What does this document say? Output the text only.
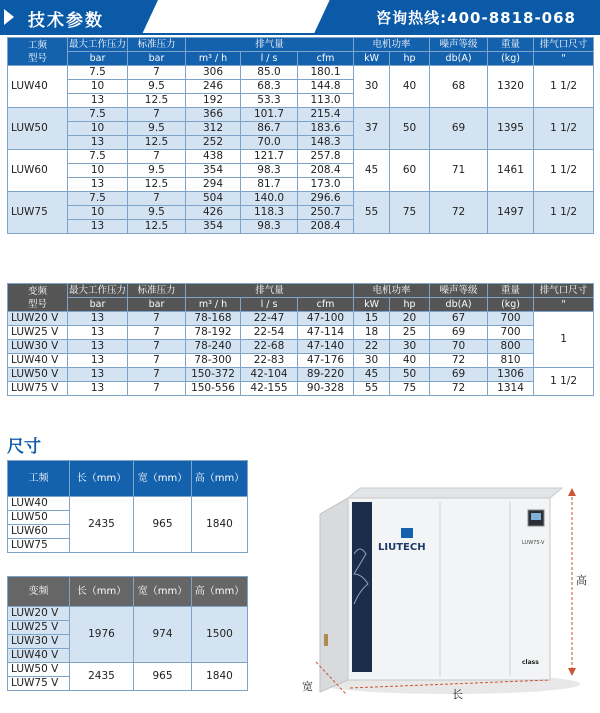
技术参数	咨询热线:400-8818-068
工频
型号	最大工作压力	标准压力	排气量			电机功率		噪声等级	重量	排气口尺寸
	bar	bar	m³ / h	l / s	cfm	kW	hp	db(A)	(kg)	"
LUW40	7.5	7	306	85.0	180.1	30	40	68	1320	1 1/2
	10	9.5	246	68.3	144.8					
	13	12.5	192	53.3	113.0					
LUW50	7.5	7	366	101.7	215.4	37	50	69	1395	1 1/2
	10	9.5	312	86.7	183.6					
	13	12.5	252	70.0	148.3					
LUW60	7.5	7	438	121.7	257.8	45	60	71	1461	1 1/2
	10	9.5	354	98.3	208.4					
	13	12.5	294	81.7	173.0					
LUW75	7.5	7	504	140.0	296.6	55	75	72	1497	1 1/2
	10	9.5	426	118.3	250.7					
	13	12.5	354	98.3	208.4					
变频
型号	最大工作压力	标准压力	排气量			电机功率		噪声等级	重量	排气口尺寸
	bar	bar	m³ / h	l / s	cfm	kW	hp	db(A)	(kg)	"
LUW20 V	13	7	78-168	22-47	47-100	15	20	67	700	1
LUW25 V	13	7	78-192	22-54	47-114	18	25	69	700	
LUW30 V	13	7	78-240	22-68	47-140	22	30	70	800	
LUW40 V	13	7	78-300	22-83	47-176	30	40	72	810	
LUW50 V	13	7	150-372	42-104	89-220	45	50	69	1306	1 1/2
LUW75 V	13	7	150-556	42-155	90-328	55	75	72	1314	
尺寸
工频	长（mm）	宽（mm）	高（mm）
LUW40	2435	965	1840
LUW50			
LUW60			
LUW75			
变频	长（mm）	宽（mm）	高（mm）
LUW20 V	1976	974	1500
LUW25 V			
LUW30 V			
LUW40 V			
LUW50 V	2435	965	1840
LUW75 V			
LIUTECH	LUW75-V
class
高
长
宽
